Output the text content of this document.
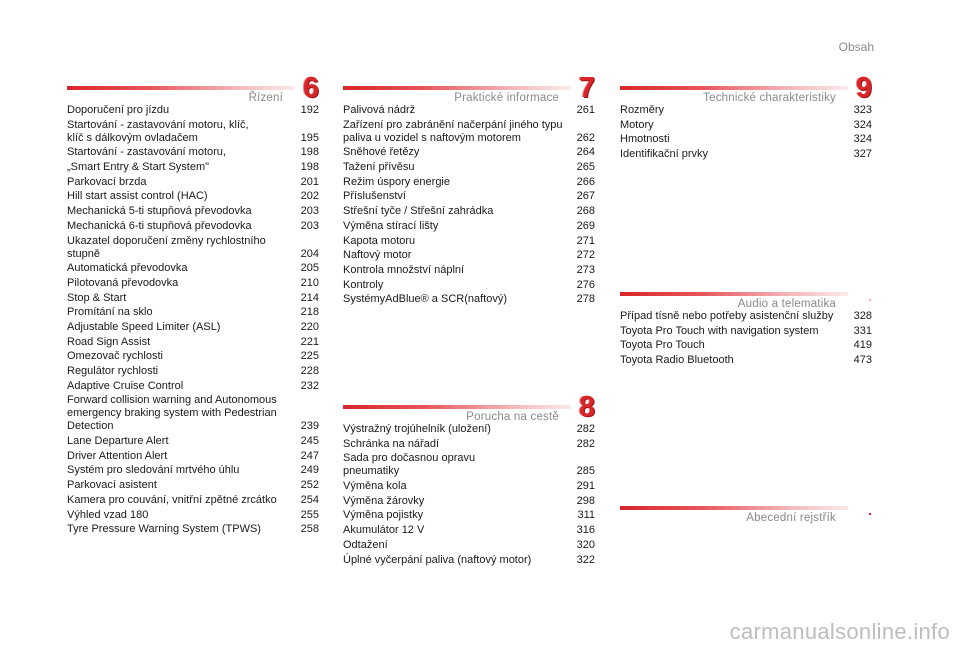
Obsah
Řízení 6
Doporučení pro jízdu	192
Startování - zastavování motoru, klíč,
klíč s dálkovým ovladačem	195
Startování - zastavování motoru,	198
„Smart Entry & Start System"	198
Parkovací brzda	201
Hill start assist control (HAC)	202
Mechanická 5-ti stupňová převodovka	203
Mechanická 6-ti stupňová převodovka	203
Ukazatel doporučení změny rychlostního
stupně	204
Automatická převodovka	205
Pilotovaná převodovka	210
Stop & Start	214
Promítání na sklo	218
Adjustable Speed Limiter (ASL)	220
Road Sign Assist	221
Omezovač rychlosti	225
Regulátor rychlosti	228
Adaptive Cruise Control	232
Forward collision warning and Autonomous
emergency braking system with Pedestrian
Detection	239
Lane Departure Alert	245
Driver Attention Alert	247
Systém pro sledování mrtvého úhlu	249
Parkovací asistent	252
Kamera pro couvání, vnitřní zpětné zrcátko	254
Výhled vzad 180	255
Tyre Pressure Warning System (TPWS)	258
Praktické informace 7
Palivová nádrž	261
Zařízení pro zabránění načerpání jiného typu
paliva u vozidel s naftovým motorem	262
Sněhové řetězy	264
Tažení přívěsu	265
Režim úspory energie	266
Příslušenství	267
Střešní tyče / Střešní zahrádka	268
Výměna stírací lišty	269
Kapota motoru	271
Naftový motor	272
Kontrola množství náplní	273
Kontroly	276
SystémyAdBlue® a SCR(naftový)	278
Porucha na cestě 8
Výstražný trojúhelník (uložení)	282
Schránka na nářadí	282
Sada pro dočasnou opravu
pneumatiky	285
Výměna kola	291
Výměna žárovky	298
Výměna pojistky	311
Akumulátor 12 V	316
Odtažení	320
Úplné vyčerpání paliva (naftový motor)	322
Technické charakteristiky 9
Rozměry	323
Motory	324
Hmotnosti	324
Identifikační prvky	327
Audio a telematika .
Případ tísně nebo potřeby asistenční služby	328
Toyota Pro Touch with navigation system	331
Toyota Pro Touch	419
Toyota Radio Bluetooth	473
Abecední rejstřík .
carmanualsonline.info
